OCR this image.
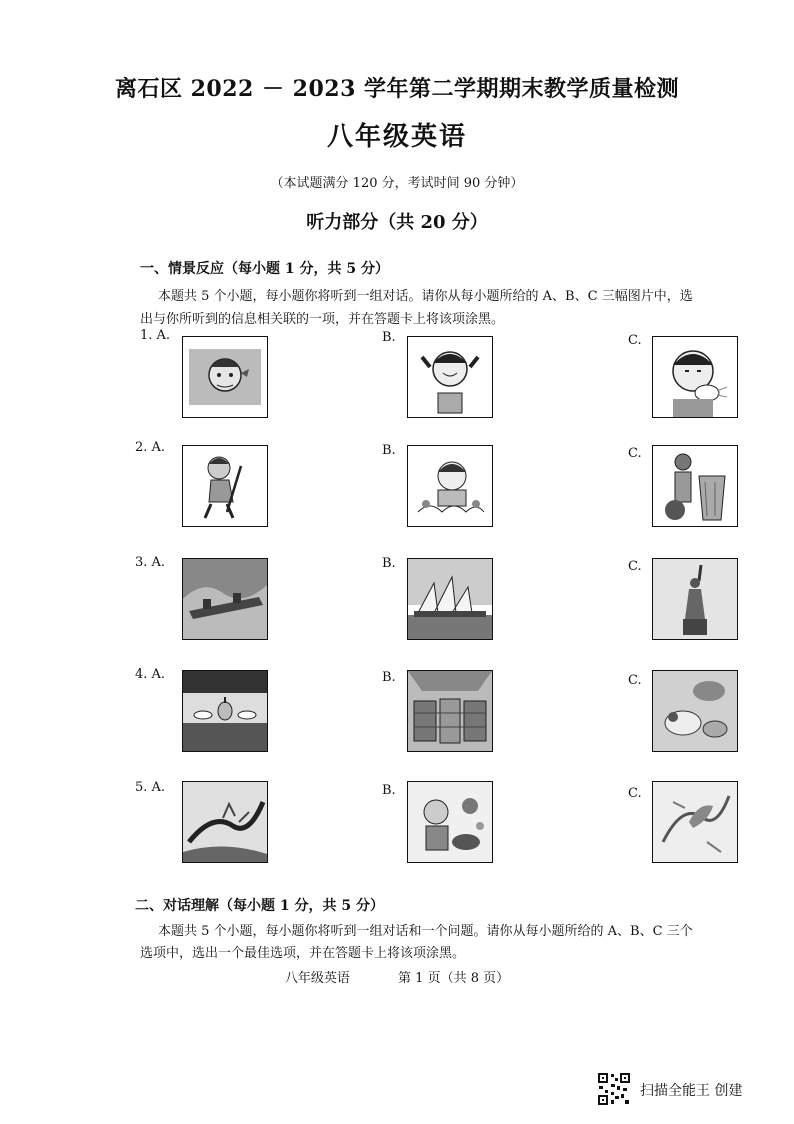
离石区 2022 － 2023 学年第二学期期末教学质量检测
八年级英语
（本试题满分 120 分，考试时间 90 分钟）
听力部分（共 20 分）
一、情景反应（每小题 1 分，共 5 分）
本题共 5 个小题，每小题你将听到一组对话。请你从每小题所给的 A、B、C 三幅图片中，选
出与你所听到的信息相关联的一项，并在答题卡上将该项涂黑。
1. A.	B.	C.
2. A.	B.	C.
3. A.	B.	C.
4. A.	B.	C.
5. A.	B.	C.
二、对话理解（每小题 1 分，共 5 分）
本题共 5 个小题，每小题你将听到一组对话和一个问题。请你从每小题所给的 A、B、C 三个
选项中，选出一个最佳选项，并在答题卡上将该项涂黑。
八年级英语	第 1 页（共 8 页）
扫描全能王 创建
